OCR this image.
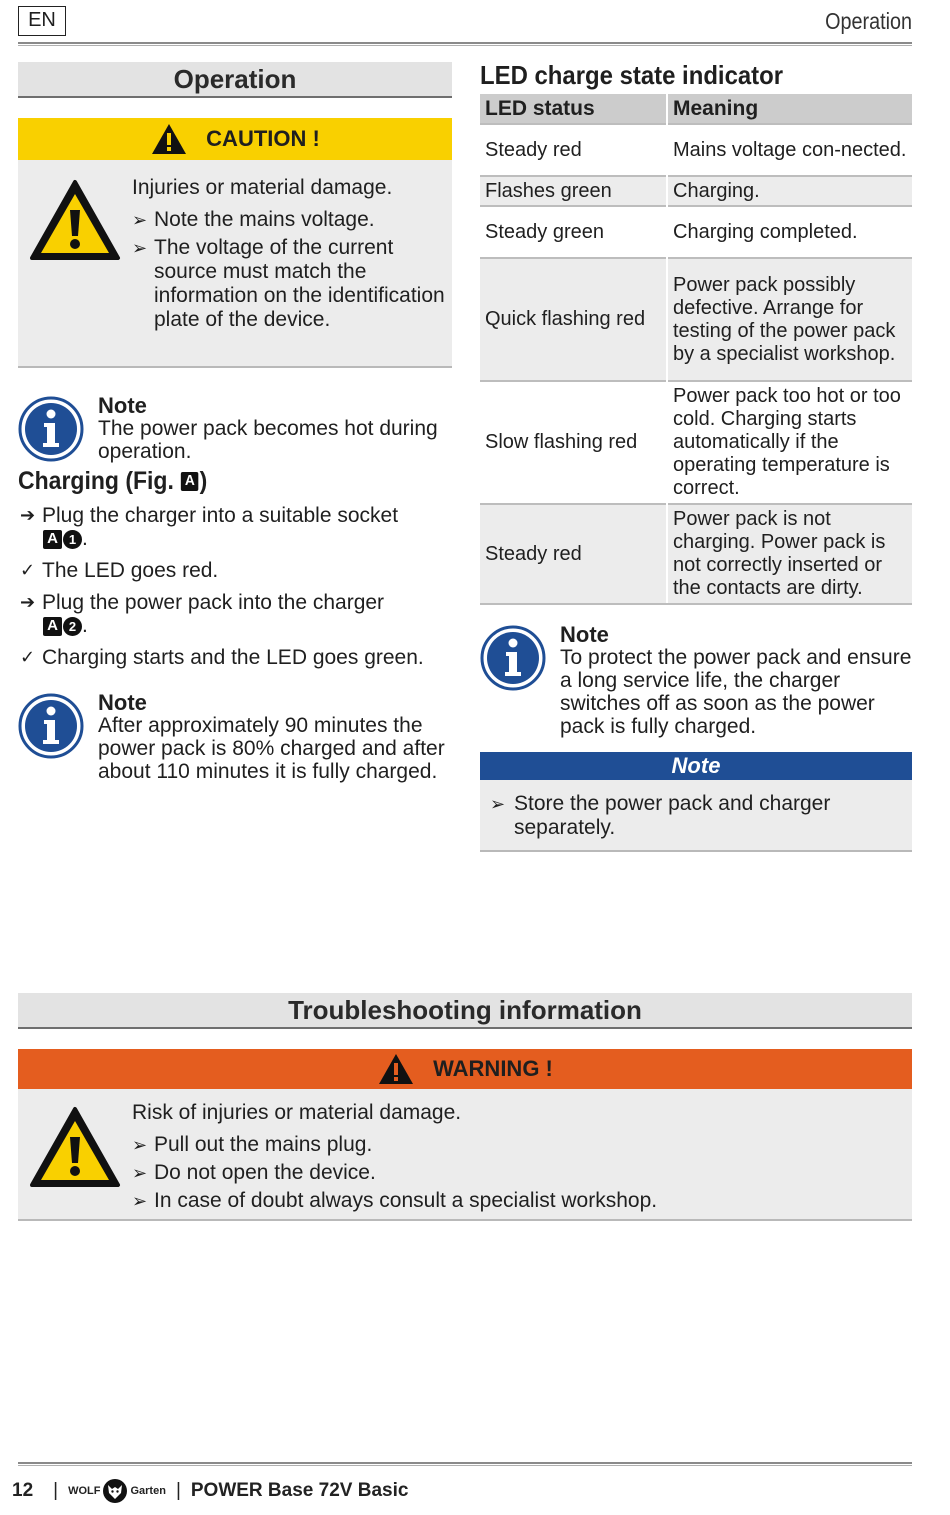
EN	Operation
Operation
CAUTION !
Injuries or material damage.
➢ Note the mains voltage.
➢ The voltage of the current source must match the information on the identification plate of the device.
Note
The power pack becomes hot during operation.
Charging (Fig.
A )
➔ Plug the charger into a suitable socket
A 1 .
✓ The LED goes red.
➔ Plug the power pack into the charger
A 2 .
✓ Charging starts and the LED goes green.
Note
After approximately 90 minutes the power pack is 80% charged and after about 110 minutes it is fully charged.
LED charge state indicator
LED status	Meaning
Steady red	Mains voltage con-nected.
Flashes green	Charging.
Steady green	Charging completed.
Quick flashing red	Power pack possibly defective. Arrange for testing of the power pack by a specialist workshop.
Slow flashing red	Power pack too hot or too cold. Charging starts automatically if the operating temperature is correct.
Steady red	Power pack is not charging. Power pack is not correctly inserted or the contacts are dirty.
Note
To protect the power pack and ensure a long service life, the charger switches off as soon as the power pack is fully charged.
Note
➢ Store the power pack and charger separately.
Troubleshooting information
WARNING !
Risk of injuries or material damage.
➢ Pull out the mains plug.
➢ Do not open the device.
➢ In case of doubt always consult a specialist workshop.
12 | WOLF	Garten | POWER Base 72V Basic
